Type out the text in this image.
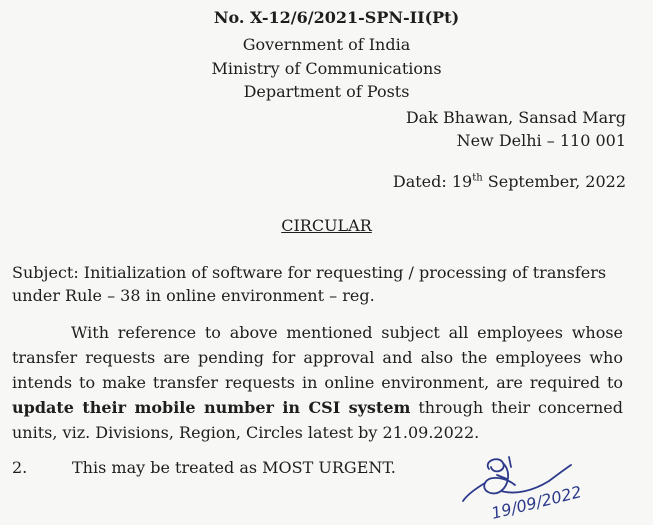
No. X-12/6/2021-SPN-II(Pt)
Government of India
Ministry of Communications
Department of Posts
Dak Bhawan, Sansad Marg
New Delhi – 110 001
Dated: 19th September, 2022
CIRCULAR
Subject: Initialization of software for requesting / processing of transfers under Rule – 38 in online environment – reg.
With reference to above mentioned subject all employees whose transfer requests are pending for approval and also the employees who intends to make transfer requests in online environment, are required to update their mobile number in CSI system through their concerned units, viz. Divisions, Region, Circles latest by 21.09.2022.
2.	This may be treated as MOST URGENT.
19/09/2022
